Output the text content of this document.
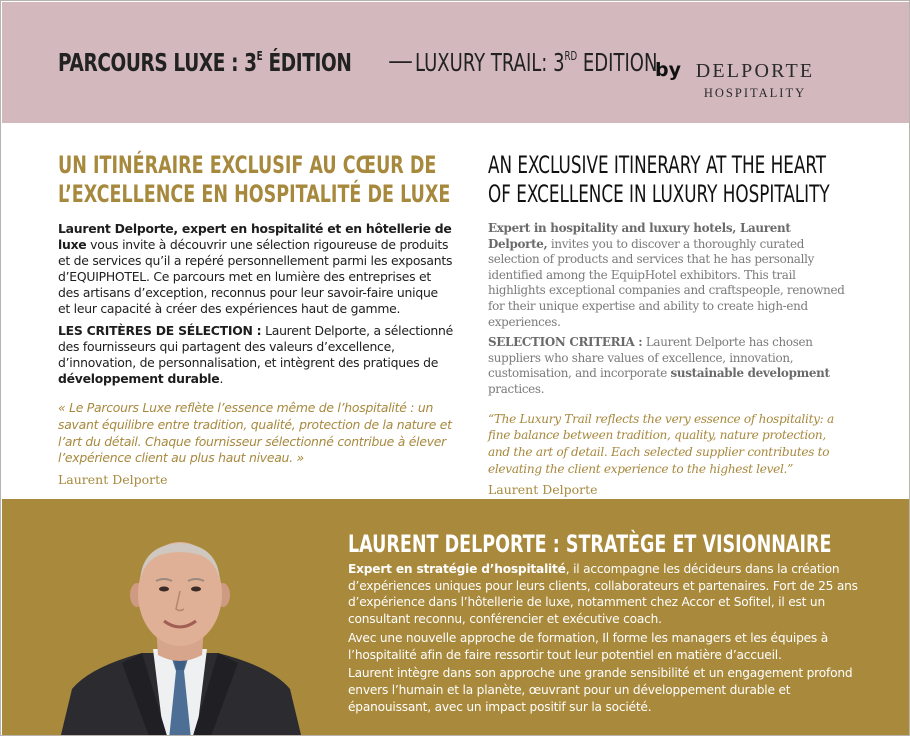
PARCOURS LUXE : $3^E$ ÉDITION	— LUXURY TRAIL: 3RD EDITION
by DELPORTE
HOSPITALITY
UN ITINÉRAIRE EXCLUSIF AU CŒUR DE
L’EXCELLENCE EN HOSPITALITÉ DE LUXE
Laurent Delporte, expert en hospitalité et en hôtellerie de luxe vous invite à découvrir une sélection rigoureuse de produits et de services qu’il a repéré personnellement parmi les exposants d’EQUIPHOTEL. Ce parcours met en lumière des entreprises et des artisans d’exception, reconnus pour leur savoir-faire unique et leur capacité à créer des expériences haut de gamme.
LES CRITÈRES DE SÉLECTION : Laurent Delporte, a sélectionné des fournisseurs qui partagent des valeurs d’excellence, d’innovation, de personnalisation, et intègrent des pratiques de développement durable.
« Le Parcours Luxe reflète l’essence même de l’hospitalité : un savant équilibre entre tradition, qualité, protection de la nature et l’art du détail. Chaque fournisseur sélectionné contribue à élever l’expérience client au plus haut niveau. »
Laurent Delporte
AN EXCLUSIVE ITINERARY AT THE HEART
OF EXCELLENCE IN LUXURY HOSPITALITY
Expert in hospitality and luxury hotels, Laurent Delporte, invites you to discover a thoroughly curated selection of products and services that he has personally identified among the EquipHotel exhibitors. This trail highlights exceptional companies and craftspeople, renowned for their unique expertise and ability to create high-end experiences.
SELECTION CRITERIA : Laurent Delporte has chosen suppliers who share values of excellence, innovation, customisation, and incorporate sustainable development practices.
“The Luxury Trail reflects the very essence of hospitality: a fine balance between tradition, quality, nature protection, and the art of detail. Each selected supplier contributes to elevating the client experience to the highest level.”
Laurent Delporte
LAURENT DELPORTE : STRATÈGE ET VISIONNAIRE
Expert en stratégie d’hospitalité, il accompagne les décideurs dans la création d’expériences uniques pour leurs clients, collaborateurs et partenaires. Fort de 25 ans d’expérience dans l’hôtellerie de luxe, notamment chez Accor et Sofitel, il est un consultant reconnu, conférencier et exécutive coach.
Avec une nouvelle approche de formation, Il forme les managers et les équipes à l’hospitalité afin de faire ressortir tout leur potentiel en matière d’accueil.
Laurent intègre dans son approche une grande sensibilité et un engagement profond envers l’humain et la planète, œuvrant pour un développement durable et épanouissant, avec un impact positif sur la société.
